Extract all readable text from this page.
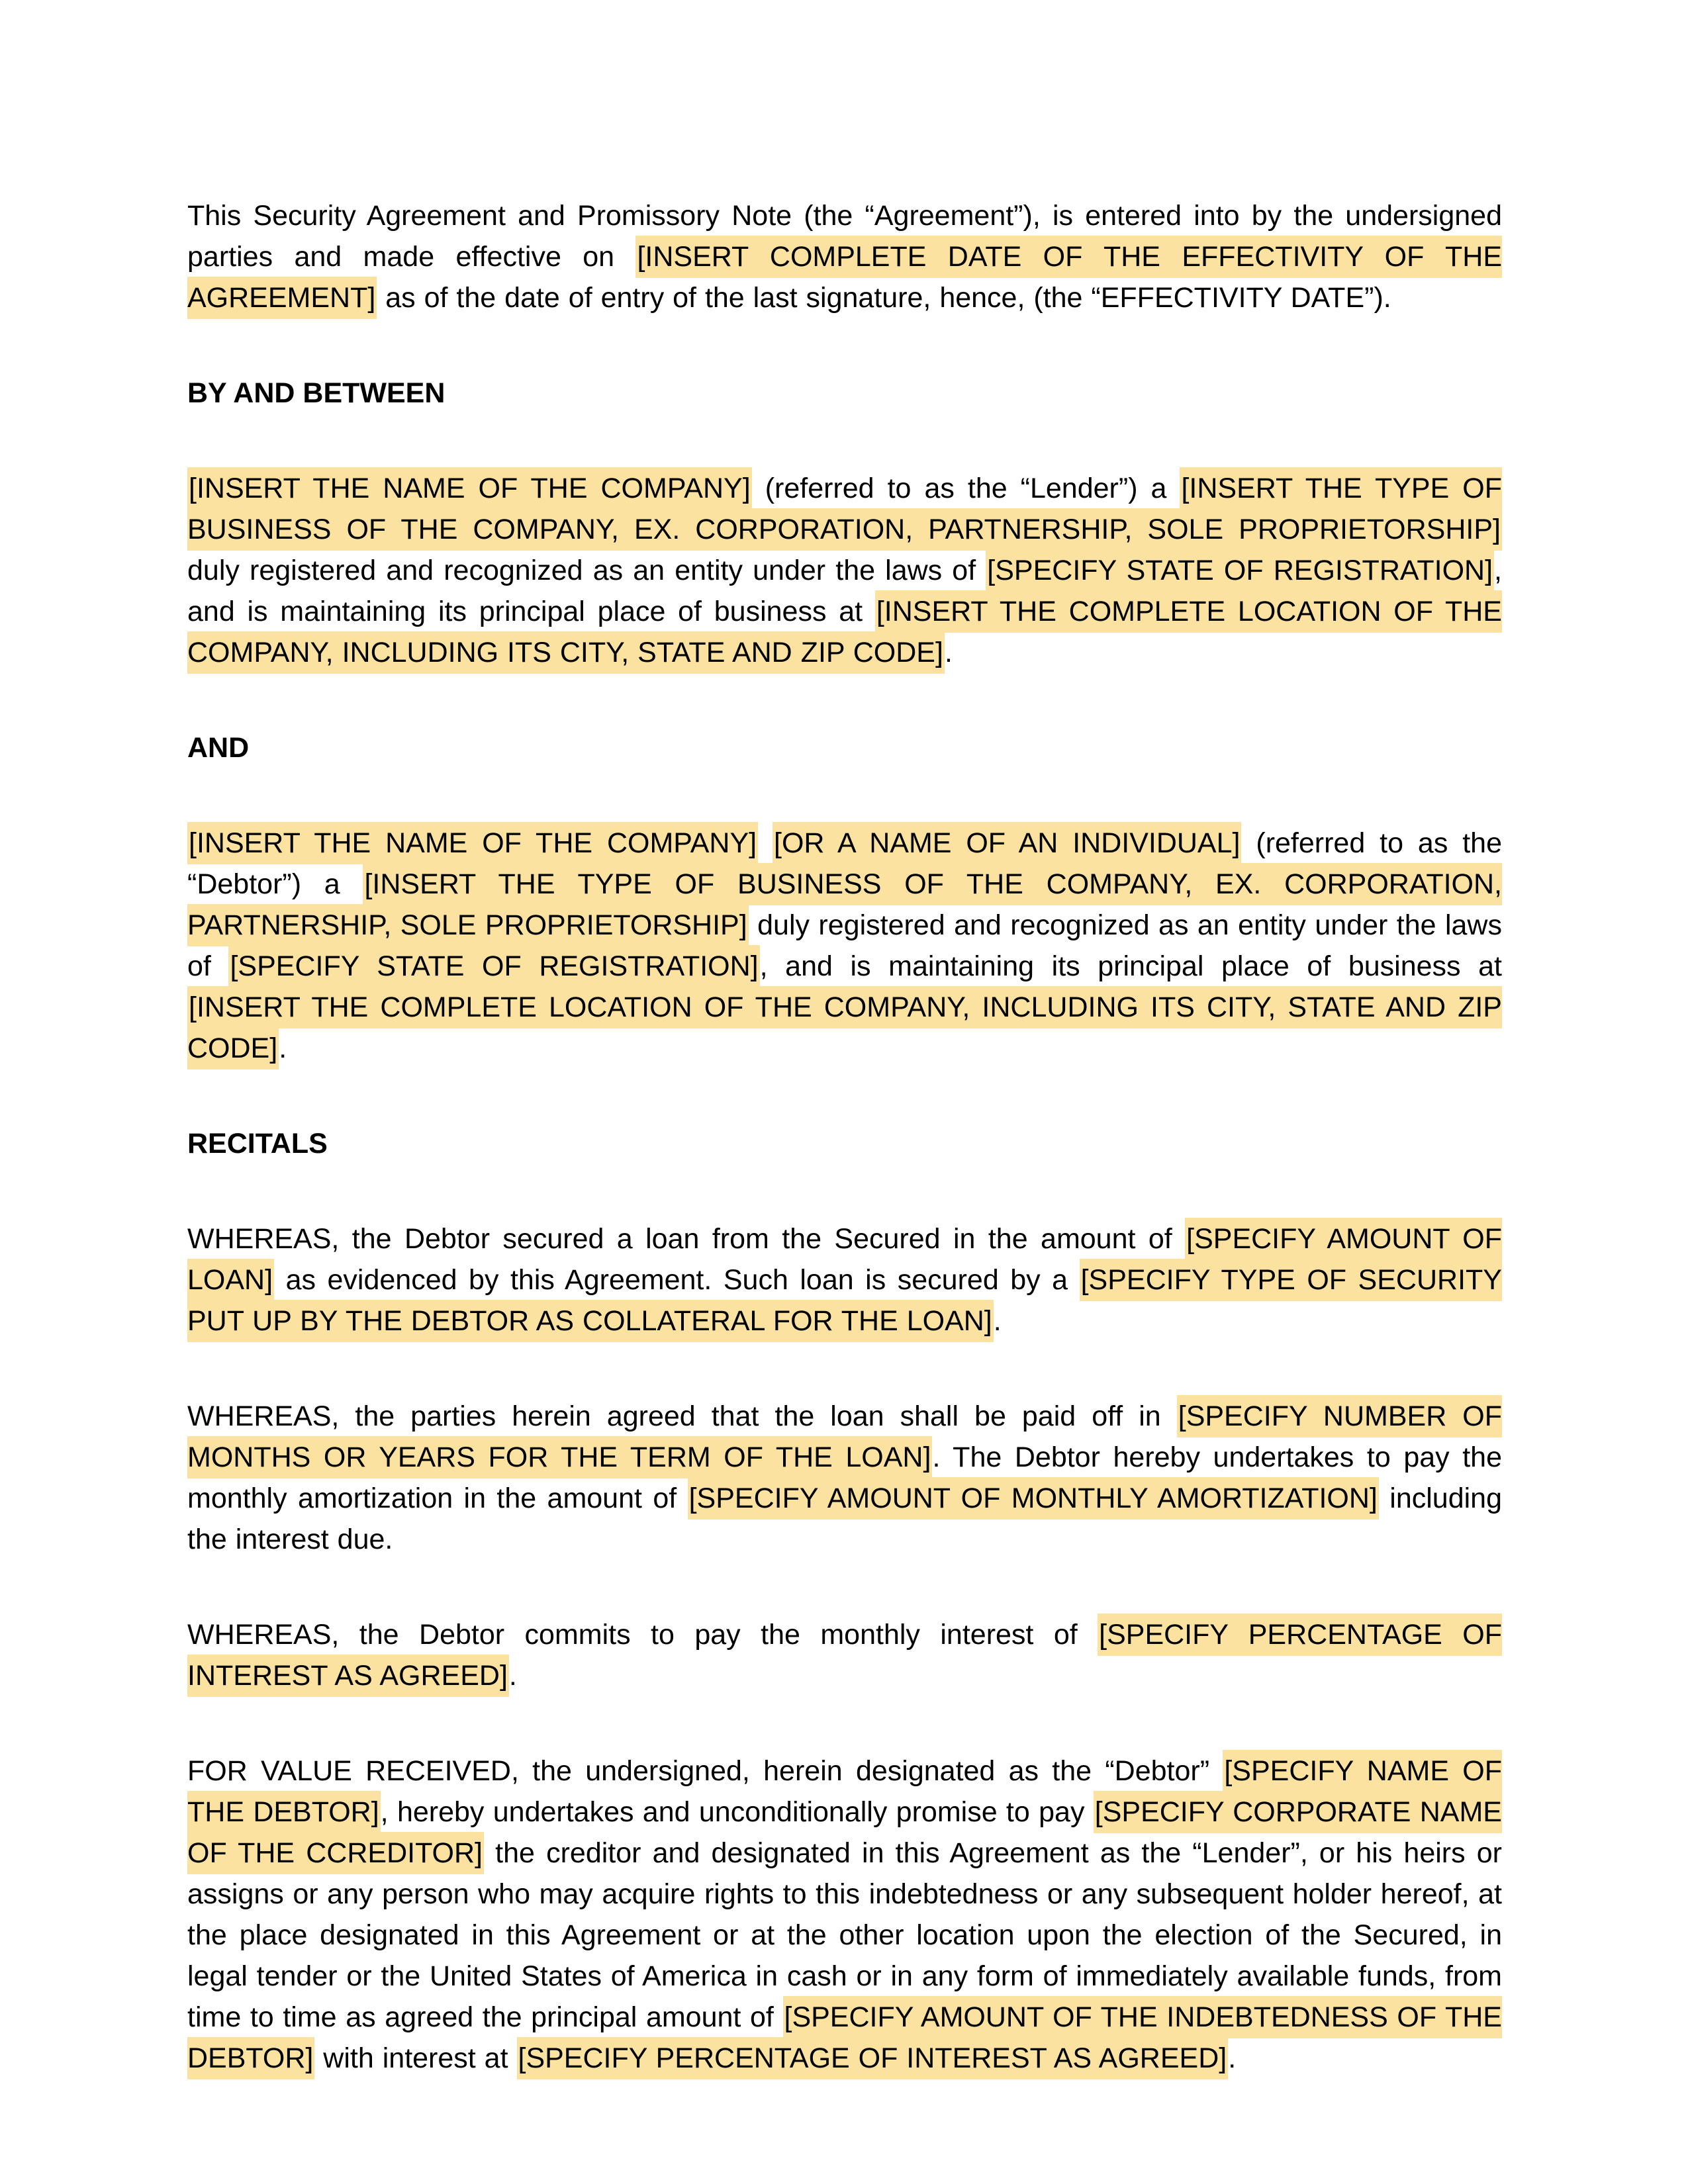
This Security Agreement and Promissory Note (the “Agreement”), is entered into by the undersigned parties and made effective on [INSERT COMPLETE DATE OF THE EFFECTIVITY OF THE AGREEMENT] as of the date of entry of the last signature, hence, (the “EFFECTIVITY DATE”).

BY AND BETWEEN

[INSERT THE NAME OF THE COMPANY] (referred to as the “Lender”) a [INSERT THE TYPE OF BUSINESS OF THE COMPANY, EX. CORPORATION, PARTNERSHIP, SOLE PROPRIETORSHIP] duly registered and recognized as an entity under the laws of [SPECIFY STATE OF REGISTRATION], and is maintaining its principal place of business at [INSERT THE COMPLETE LOCATION OF THE COMPANY, INCLUDING ITS CITY, STATE AND ZIP CODE].

AND

[INSERT THE NAME OF THE COMPANY] [OR A NAME OF AN INDIVIDUAL] (referred to as the “Debtor”) a [INSERT THE TYPE OF BUSINESS OF THE COMPANY, EX. CORPORATION, PARTNERSHIP, SOLE PROPRIETORSHIP] duly registered and recognized as an entity under the laws of [SPECIFY STATE OF REGISTRATION], and is maintaining its principal place of business at [INSERT THE COMPLETE LOCATION OF THE COMPANY, INCLUDING ITS CITY, STATE AND ZIP CODE].

RECITALS

WHEREAS, the Debtor secured a loan from the Secured in the amount of [SPECIFY AMOUNT OF LOAN] as evidenced by this Agreement. Such loan is secured by a [SPECIFY TYPE OF SECURITY PUT UP BY THE DEBTOR AS COLLATERAL FOR THE LOAN].

WHEREAS, the parties herein agreed that the loan shall be paid off in [SPECIFY NUMBER OF MONTHS OR YEARS FOR THE TERM OF THE LOAN]. The Debtor hereby undertakes to pay the monthly amortization in the amount of [SPECIFY AMOUNT OF MONTHLY AMORTIZATION] including the interest due.

WHEREAS, the Debtor commits to pay the monthly interest of [SPECIFY PERCENTAGE OF INTEREST AS AGREED].

FOR VALUE RECEIVED, the undersigned, herein designated as the “Debtor” [SPECIFY NAME OF THE DEBTOR], hereby undertakes and unconditionally promise to pay [SPECIFY CORPORATE NAME OF THE CCREDITOR] the creditor and designated in this Agreement as the “Lender”, or his heirs or assigns or any person who may acquire rights to this indebtedness or any subsequent holder hereof, at the place designated in this Agreement or at the other location upon the election of the Secured, in legal tender or the United States of America in cash or in any form of immediately available funds, from time to time as agreed the principal amount of [SPECIFY AMOUNT OF THE INDEBTEDNESS OF THE DEBTOR] with interest at [SPECIFY PERCENTAGE OF INTEREST AS AGREED].
